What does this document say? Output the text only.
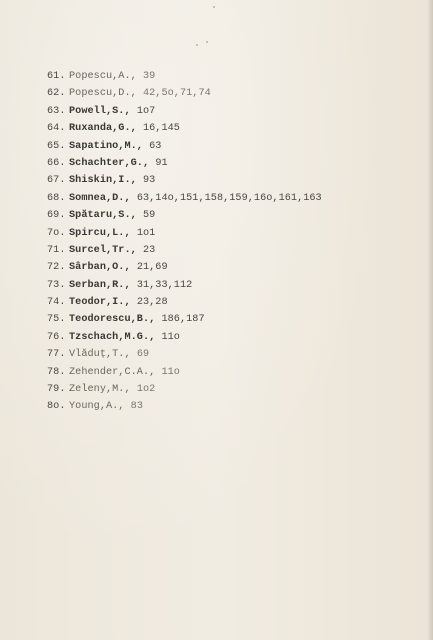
61. Popescu,A., 39
62. Popescu,D., 42,5o,71,74
63. Powell,S., 1o7
64. Ruxanda,G., 16,145
65. Sapatino,M., 63
66. Schachter,G., 91
67. Shiskin,I., 93
68. Somnea,D., 63,14o,151,158,159,16o,161,163
69. Spătaru,S., 59
7o. Spircu,L., 1o1
71. Surcel,Tr., 23
72. Sârban,O., 21,69
73. Serban,R., 31,33,112
74. Teodor,I., 23,28
75. Teodorescu,B., 186,187
76. Tzschach,M.G., 11o
77. Vlăduț,T., 69
78. Zehender,C.A., 11o
79. Zeleny,M., 1o2
8o. Young,A., 83
